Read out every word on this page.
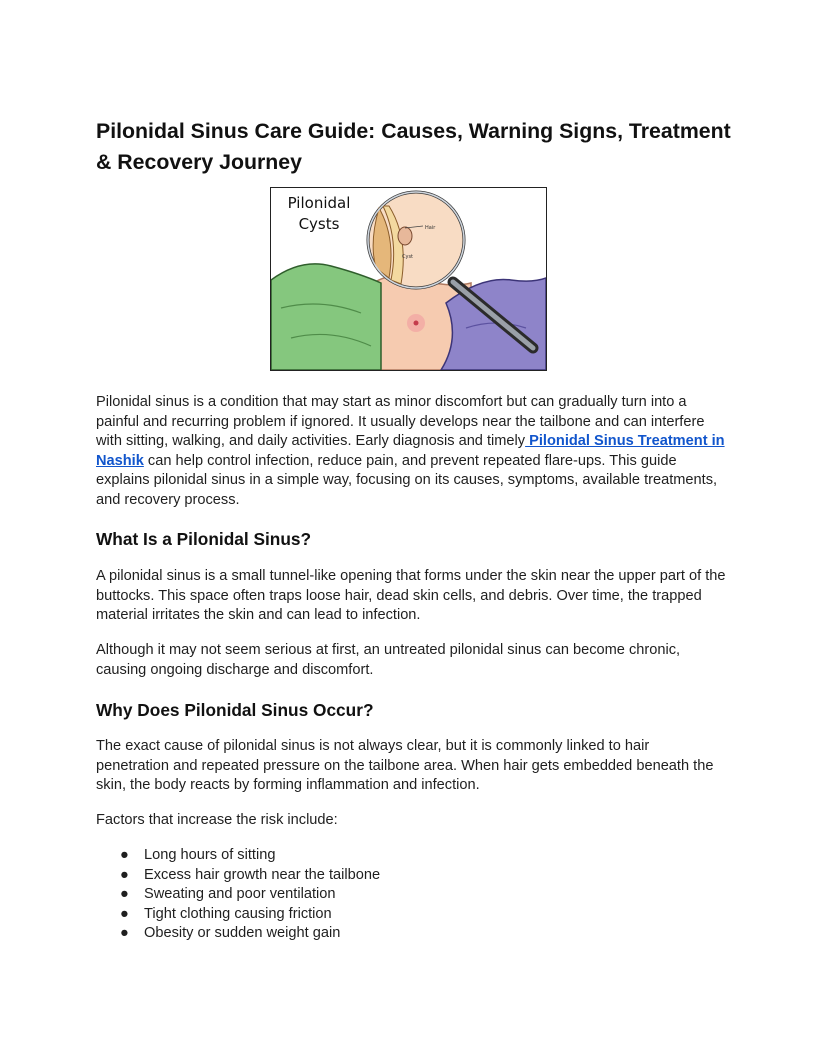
Pilonidal Sinus Care Guide: Causes, Warning Signs, Treatment & Recovery Journey
Pilonidal
Cysts	Hair
Cyst

Pilonidal sinus is a condition that may start as minor discomfort but can gradually turn into a painful and recurring problem if ignored. It usually develops near the tailbone and can interfere with sitting, walking, and daily activities. Early diagnosis and timely Pilonidal Sinus Treatment in Nashik can help control infection, reduce pain, and prevent repeated flare-ups. This guide explains pilonidal sinus in a simple way, focusing on its causes, symptoms, available treatments, and recovery process.

What Is a Pilonidal Sinus?

A pilonidal sinus is a small tunnel-like opening that forms under the skin near the upper part of the buttocks. This space often traps loose hair, dead skin cells, and debris. Over time, the trapped material irritates the skin and can lead to infection.

Although it may not seem serious at first, an untreated pilonidal sinus can become chronic, causing ongoing discharge and discomfort.

Why Does Pilonidal Sinus Occur?

The exact cause of pilonidal sinus is not always clear, but it is commonly linked to hair penetration and repeated pressure on the tailbone area. When hair gets embedded beneath the skin, the body reacts by forming inflammation and infection.

Factors that increase the risk include:

● Long hours of sitting
● Excess hair growth near the tailbone
● Sweating and poor ventilation
● Tight clothing causing friction
● Obesity or sudden weight gain
